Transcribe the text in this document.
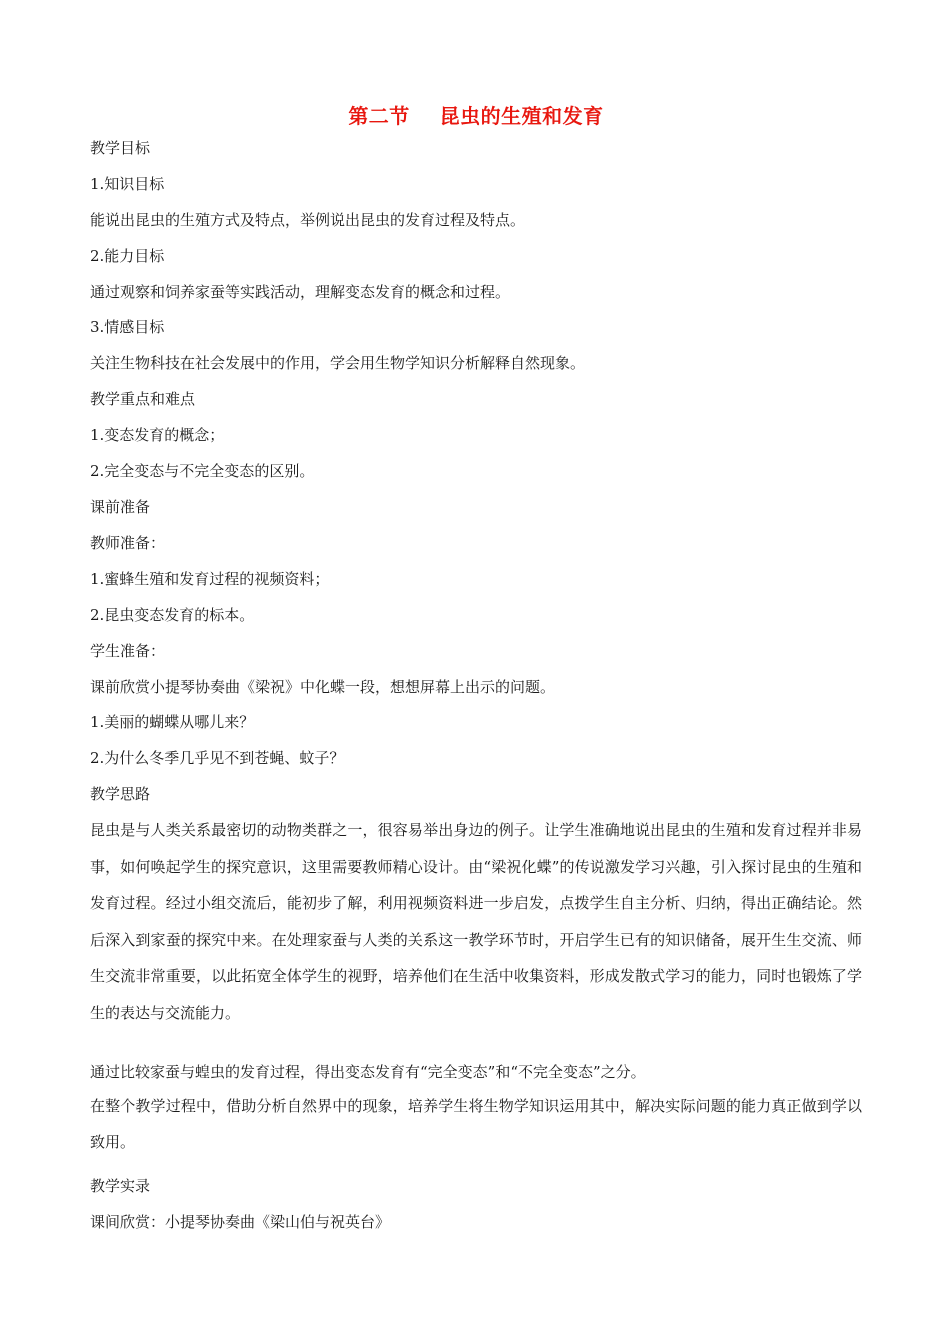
第二节    昆虫的生殖和发育
教学目标
1.知识目标
能说出昆虫的生殖方式及特点，举例说出昆虫的发育过程及特点。
2.能力目标
通过观察和饲养家蚕等实践活动，理解变态发育的概念和过程。
3.情感目标
关注生物科技在社会发展中的作用，学会用生物学知识分析解释自然现象。
教学重点和难点
1.变态发育的概念；
2.完全变态与不完全变态的区别。
课前准备
教师准备：
1.蜜蜂生殖和发育过程的视频资料；
2.昆虫变态发育的标本。
学生准备：
课前欣赏小提琴协奏曲《梁祝》中化蝶一段，想想屏幕上出示的问题。
1.美丽的蝴蝶从哪儿来？
2.为什么冬季几乎见不到苍蝇、蚊子？
教学思路
昆虫是与人类关系最密切的动物类群之一，很容易举出身边的例子。让学生准确地说出昆虫的生殖和发育过程并非易事，如何唤起学生的探究意识，这里需要教师精心设计。由“梁祝化蝶”的传说激发学习兴趣，引入探讨昆虫的生殖和发育过程。经过小组交流后，能初步了解，利用视频资料进一步启发，点拨学生自主分析、归纳，得出正确结论。然后深入到家蚕的探究中来。在处理家蚕与人类的关系这一教学环节时，开启学生已有的知识储备，展开生生交流、师生交流非常重要，以此拓宽全体学生的视野，培养他们在生活中收集资料，形成发散式学习的能力，同时也锻炼了学生的表达与交流能力。
通过比较家蚕与蝗虫的发育过程，得出变态发育有“完全变态”和“不完全变态”之分。
在整个教学过程中，借助分析自然界中的现象，培养学生将生物学知识运用其中，解决实际问题的能力真正做到学以致用。
教学实录
课间欣赏：小提琴协奏曲《梁山伯与祝英台》
